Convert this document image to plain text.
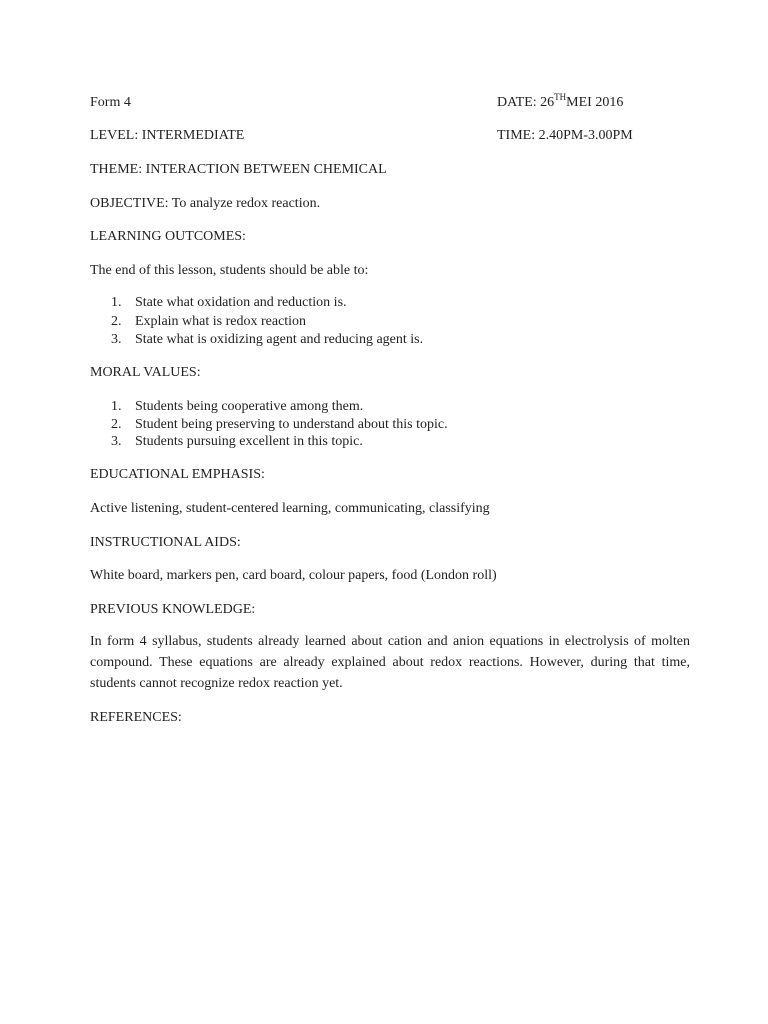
Form 4	DATE: 26THMEI 2016
LEVEL: INTERMEDIATE	TIME: 2.40PM-3.00PM
THEME: INTERACTION BETWEEN CHEMICAL
OBJECTIVE: To analyze redox reaction.
LEARNING OUTCOMES:
The end of this lesson, students should be able to:
1. State what oxidation and reduction is.
2. Explain what is redox reaction
3. State what is oxidizing agent and reducing agent is.
MORAL VALUES:
1. Students being cooperative among them.
2. Student being preserving to understand about this topic.
3. Students pursuing excellent in this topic.
EDUCATIONAL EMPHASIS:
Active listening, student-centered learning, communicating, classifying
INSTRUCTIONAL AIDS:
White board, markers pen, card board, colour papers, food (London roll)
PREVIOUS KNOWLEDGE:
In form 4 syllabus, students already learned about cation and anion equations in electrolysis of molten compound. These equations are already explained about redox reactions. However, during that time, students cannot recognize redox reaction yet.
REFERENCES:
